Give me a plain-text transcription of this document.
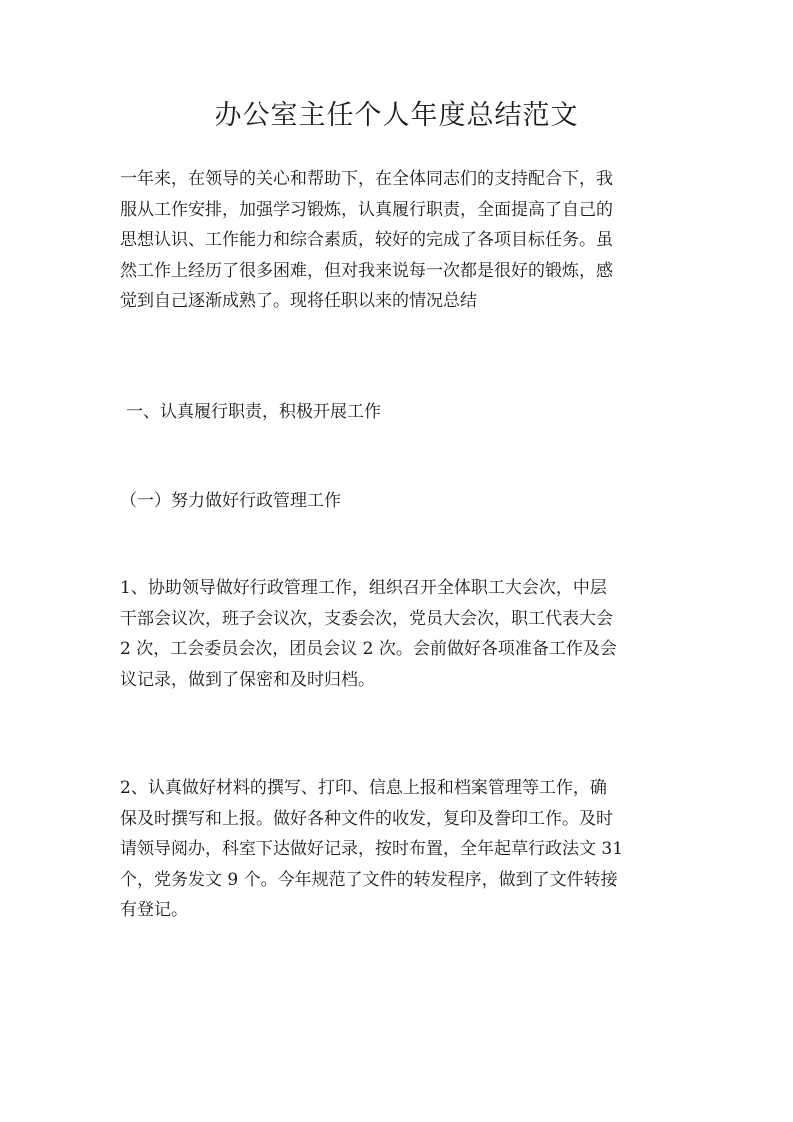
办公室主任个人年度总结范文
一年来，在领导的关心和帮助下，在全体同志们的支持配合下，我
服从工作安排，加强学习锻炼，认真履行职责，全面提高了自己的
思想认识、工作能力和综合素质，较好的完成了各项目标任务。虽
然工作上经历了很多困难，但对我来说每一次都是很好的锻炼，感
觉到自己逐渐成熟了。现将任职以来的情况总结
一、认真履行职责，积极开展工作
（一）努力做好行政管理工作
1、协助领导做好行政管理工作，组织召开全体职工大会次，中层
干部会议次，班子会议次，支委会次，党员大会次，职工代表大会
2 次，工会委员会次，团员会议 2 次。会前做好各项准备工作及会
议记录，做到了保密和及时归档。
2、认真做好材料的撰写、打印、信息上报和档案管理等工作，确
保及时撰写和上报。做好各种文件的收发，复印及誊印工作。及时
请领导阅办，科室下达做好记录，按时布置，全年起草行政法文 31
个，党务发文 9 个。今年规范了文件的转发程序，做到了文件转接
有登记。
